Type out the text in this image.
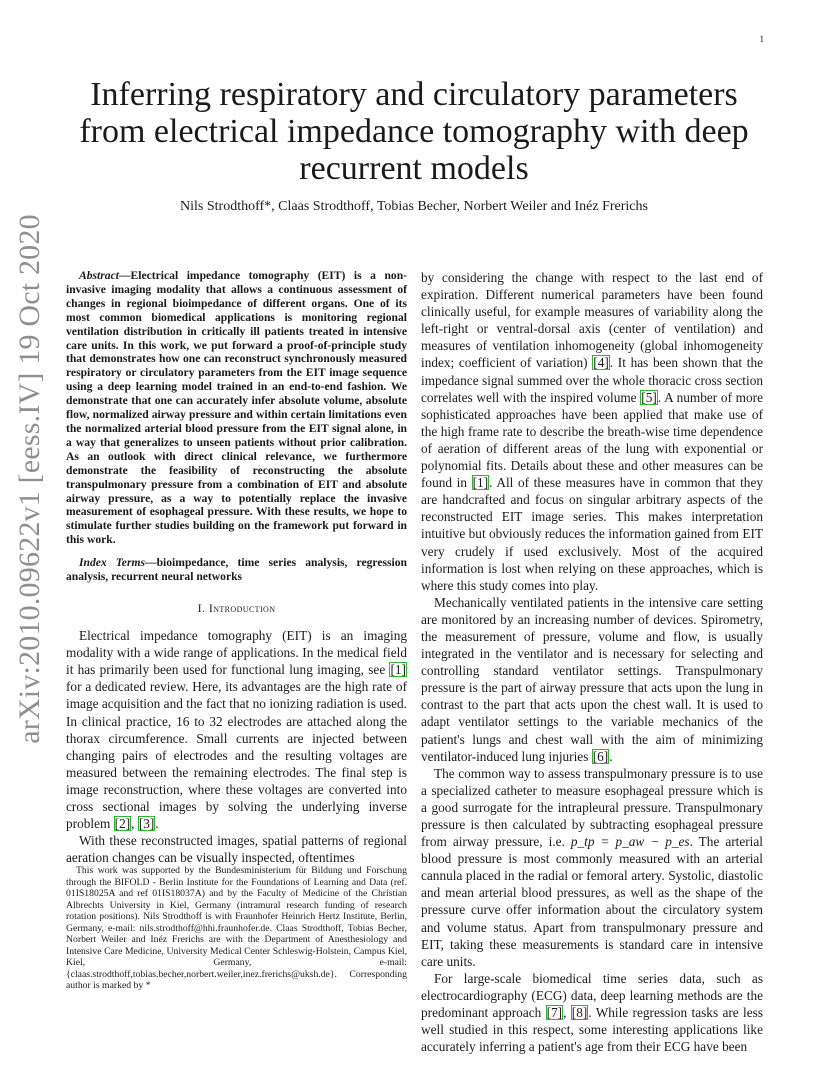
1
arXiv:2010.09622v1 [eess.IV] 19 Oct 2020
Inferring respiratory and circulatory parameters from electrical impedance tomography with deep recurrent models
Nils Strodthoff*, Claas Strodthoff, Tobias Becher, Norbert Weiler and Inéz Frerichs

Abstract—Electrical impedance tomography (EIT) is a non-invasive imaging modality that allows a continuous assessment of changes in regional bioimpedance of different organs. One of its most common biomedical applications is monitoring regional ventilation distribution in critically ill patients treated in intensive care units. In this work, we put forward a proof-of-principle study that demonstrates how one can reconstruct synchronously measured respiratory or circulatory parameters from the EIT image sequence using a deep learning model trained in an end-to-end fashion. We demonstrate that one can accurately infer absolute volume, absolute flow, normalized airway pressure and within certain limitations even the normalized arterial blood pressure from the EIT signal alone, in a way that generalizes to unseen patients without prior calibration. As an outlook with direct clinical relevance, we furthermore demonstrate the feasibility of reconstructing the absolute transpulmonary pressure from a combination of EIT and absolute airway pressure, as a way to potentially replace the invasive measurement of esophageal pressure. With these results, we hope to stimulate further studies building on the framework put forward in this work.

Index Terms—bioimpedance, time series analysis, regression analysis, recurrent neural networks

I. Introduction

Electrical impedance tomography (EIT) is an imaging modality with a wide range of applications. In the medical field it has primarily been used for functional lung imaging, see [1] for a dedicated review. Here, its advantages are the high rate of image acquisition and the fact that no ionizing radiation is used. In clinical practice, 16 to 32 electrodes are attached along the thorax circumference. Small currents are injected between changing pairs of electrodes and the resulting voltages are measured between the remaining electrodes. The final step is image reconstruction, where these voltages are converted into cross sectional images by solving the underlying inverse problem [2], [3].

With these reconstructed images, spatial patterns of regional aeration changes can be visually inspected, oftentimes

This work was supported by the Bundesministerium für Bildung und Forschung through the BIFOLD - Berlin Institute for the Foundations of Learning and Data (ref. 01IS18025A and ref 01IS18037A) and by the Faculty of Medicine of the Christian Albrechts University in Kiel, Germany (intramural research funding of research rotation positions). Nils Strodthoff is with Fraunhofer Heinrich Hertz Institute, Berlin, Germany, e-mail: nils.strodthoff@hhi.fraunhofer.de. Claas Strodthoff, Tobias Becher, Norbert Weiler and Inéz Frerichs are with the Department of Anesthesiology and Intensive Care Medicine, University Medical Center Schleswig-Holstein, Campus Kiel, Kiel, Germany, e-mail: {claas.strodthoff,tobias.becher,norbert.weiler,inez.frerichs@uksh.de}. Corresponding author is marked by *

by considering the change with respect to the last end of expiration. Different numerical parameters have been found clinically useful, for example measures of variability along the left-right or ventral-dorsal axis (center of ventilation) and measures of ventilation inhomogeneity (global inhomogeneity index; coefficient of variation) [4]. It has been shown that the impedance signal summed over the whole thoracic cross section correlates well with the inspired volume [5]. A number of more sophisticated approaches have been applied that make use of the high frame rate to describe the breath-wise time dependence of aeration of different areas of the lung with exponential or polynomial fits. Details about these and other measures can be found in [1]. All of these measures have in common that they are handcrafted and focus on singular arbitrary aspects of the reconstructed EIT image series. This makes interpretation intuitive but obviously reduces the information gained from EIT very crudely if used exclusively. Most of the acquired information is lost when relying on these approaches, which is where this study comes into play.

Mechanically ventilated patients in the intensive care setting are monitored by an increasing number of devices. Spirometry, the measurement of pressure, volume and flow, is usually integrated in the ventilator and is necessary for selecting and controlling standard ventilator settings. Transpulmonary pressure is the part of airway pressure that acts upon the lung in contrast to the part that acts upon the chest wall. It is used to adapt ventilator settings to the variable mechanics of the patient's lungs and chest wall with the aim of minimizing ventilator-induced lung injuries [6].

The common way to assess transpulmonary pressure is to use a specialized catheter to measure esophageal pressure which is a good surrogate for the intrapleural pressure. Transpulmonary pressure is then calculated by subtracting esophageal pressure from airway pressure, i.e. p_tp = p_aw − p_es. The arterial blood pressure is most commonly measured with an arterial cannula placed in the radial or femoral artery. Systolic, diastolic and mean arterial blood pressures, as well as the shape of the pressure curve offer information about the circulatory system and volume status. Apart from transpulmonary pressure and EIT, taking these measurements is standard care in intensive care units.

For large-scale biomedical time series data, such as electrocardiography (ECG) data, deep learning methods are the predominant approach [7], [8]. While regression tasks are less well studied in this respect, some interesting applications like accurately inferring a patient's age from their ECG have been
